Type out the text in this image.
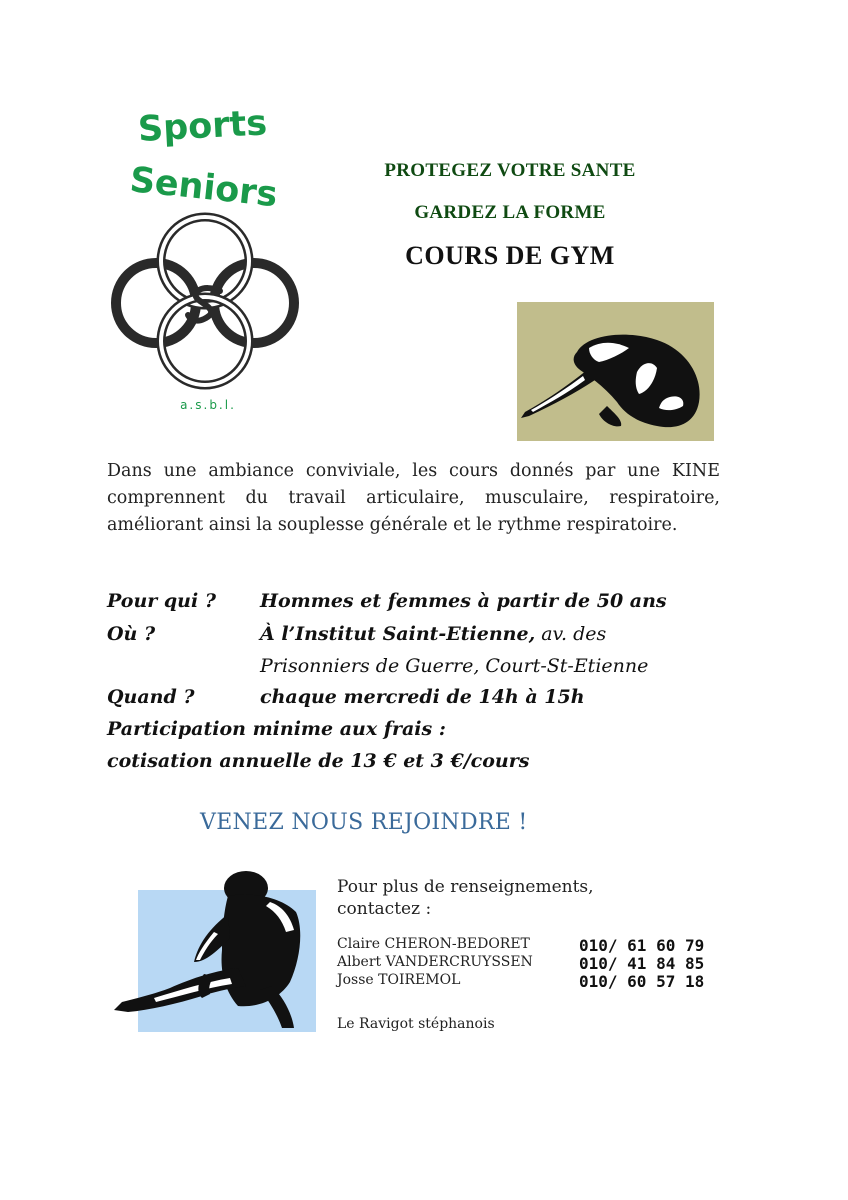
Sports
Seniors
a.s.b.l.
PROTEGEZ VOTRE SANTE
GARDEZ LA FORME
COURS DE GYM
Dans une ambiance conviviale, les cours donnés par une KINE comprennent du travail articulaire, musculaire, respiratoire, améliorant ainsi la souplesse générale et le rythme respiratoire.
Pour qui ? Hommes et femmes à partir de 50 ans
Où ?	À l’Institut Saint-Etienne, av. des
Prisonniers de Guerre, Court-St-Etienne
Quand ?	chaque mercredi de 14h à 15h
Participation minime aux frais :
cotisation annuelle de 13 € et 3 €/cours
VENEZ NOUS REJOINDRE !
Pour plus de renseignements,
contactez :
Claire CHERON-BEDORET	010/ 61 60 79
Albert VANDERCRUYSSEN	010/ 41 84 85
Josse TOIREMOL	010/ 60 57 18
Le Ravigot stéphanois
